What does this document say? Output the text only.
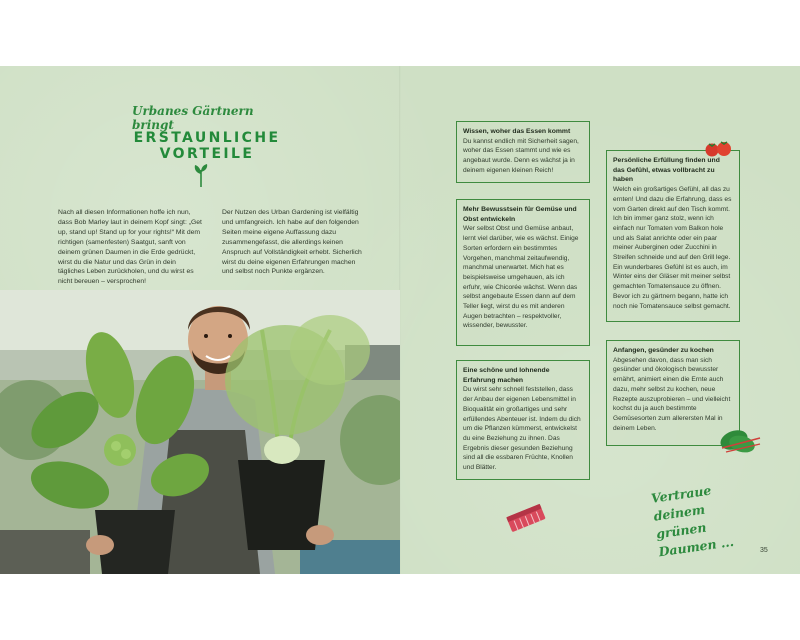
Urbanes Gärtnern bringt
ERSTAUNLICHE VORTEILE
Nach all diesen Informationen hoffe ich nun, dass Bob Marley laut in deinem Kopf singt: „Get up, stand up! Stand up for your rights!“ Mit dem richtigen (samenfesten) Saatgut, sanft von deinem grünen Daumen in die Erde gedrückt, wirst du die Natur und das Grün in dein tägliches Leben zurückholen, und du wirst es nicht bereuen – versprochen!
Der Nutzen des Urban Gardening ist vielfältig und umfangreich. Ich habe auf den folgenden Seiten meine eigene Auffassung dazu zusammengefasst, die allerdings keinen Anspruch auf Vollständigkeit erhebt. Sicherlich wirst du deine eigenen Erfahrungen machen und selbst noch Punkte ergänzen.
Wissen, woher das Essen kommt

Du kannst endlich mit Sicherheit sagen, woher das Essen stammt und wie es angebaut wurde. Denn es wächst ja in deinem eigenen kleinen Reich!

Mehr Bewusstsein für Gemüse und Obst entwickeln

Wer selbst Obst und Gemüse anbaut, lernt viel darüber, wie es wächst. Einige Sorten erfordern ein bestimmtes Vorgehen, manchmal zeitaufwendig, manchmal unerwartet. Mich hat es beispielsweise umgehauen, als ich erfuhr, wie Chicorée wächst. Wenn das selbst angebaute Essen dann auf dem Teller liegt, wirst du es mit anderen Augen betrachten – respektvoller, wissender, bewusster.

Eine schöne und lohnende Erfahrung machen

Du wirst sehr schnell feststellen, dass der Anbau der eigenen Lebensmittel in Bioqualität ein großartiges und sehr erfüllendes Abenteuer ist. Indem du dich um die Pflanzen kümmerst, entwickelst du eine Beziehung zu ihnen. Das Ergebnis dieser gesunden Beziehung sind all die essbaren Früchte, Knollen und Blätter.

Persönliche Erfüllung finden und das Gefühl, etwas vollbracht zu haben

Welch ein großartiges Gefühl, all das zu ernten! Und dazu die Erfahrung, dass es vom Garten direkt auf den Tisch kommt. Ich bin immer ganz stolz, wenn ich einfach nur Tomaten vom Balkon hole und als Salat anrichte oder ein paar meiner Auberginen oder Zucchini in Streifen schneide und auf den Grill lege. Ein wunderbares Gefühl ist es auch, im Winter eins der Gläser mit meiner selbst gemachten Tomatensauce zu öffnen. Bevor ich zu gärtnern begann, hatte ich noch nie Tomatensauce selbst gemacht.

Anfangen, gesünder zu kochen

Abgesehen davon, dass man sich gesünder und ökologisch bewusster ernährt, animiert einen die Ernte auch dazu, mehr selbst zu kochen, neue Rezepte auszuprobieren – und vielleicht kochst du ja auch bestimmte Gemüsesorten zum allerersten Mal in deinem Leben.

Vertraue deinem
grünen Daumen ...	35
